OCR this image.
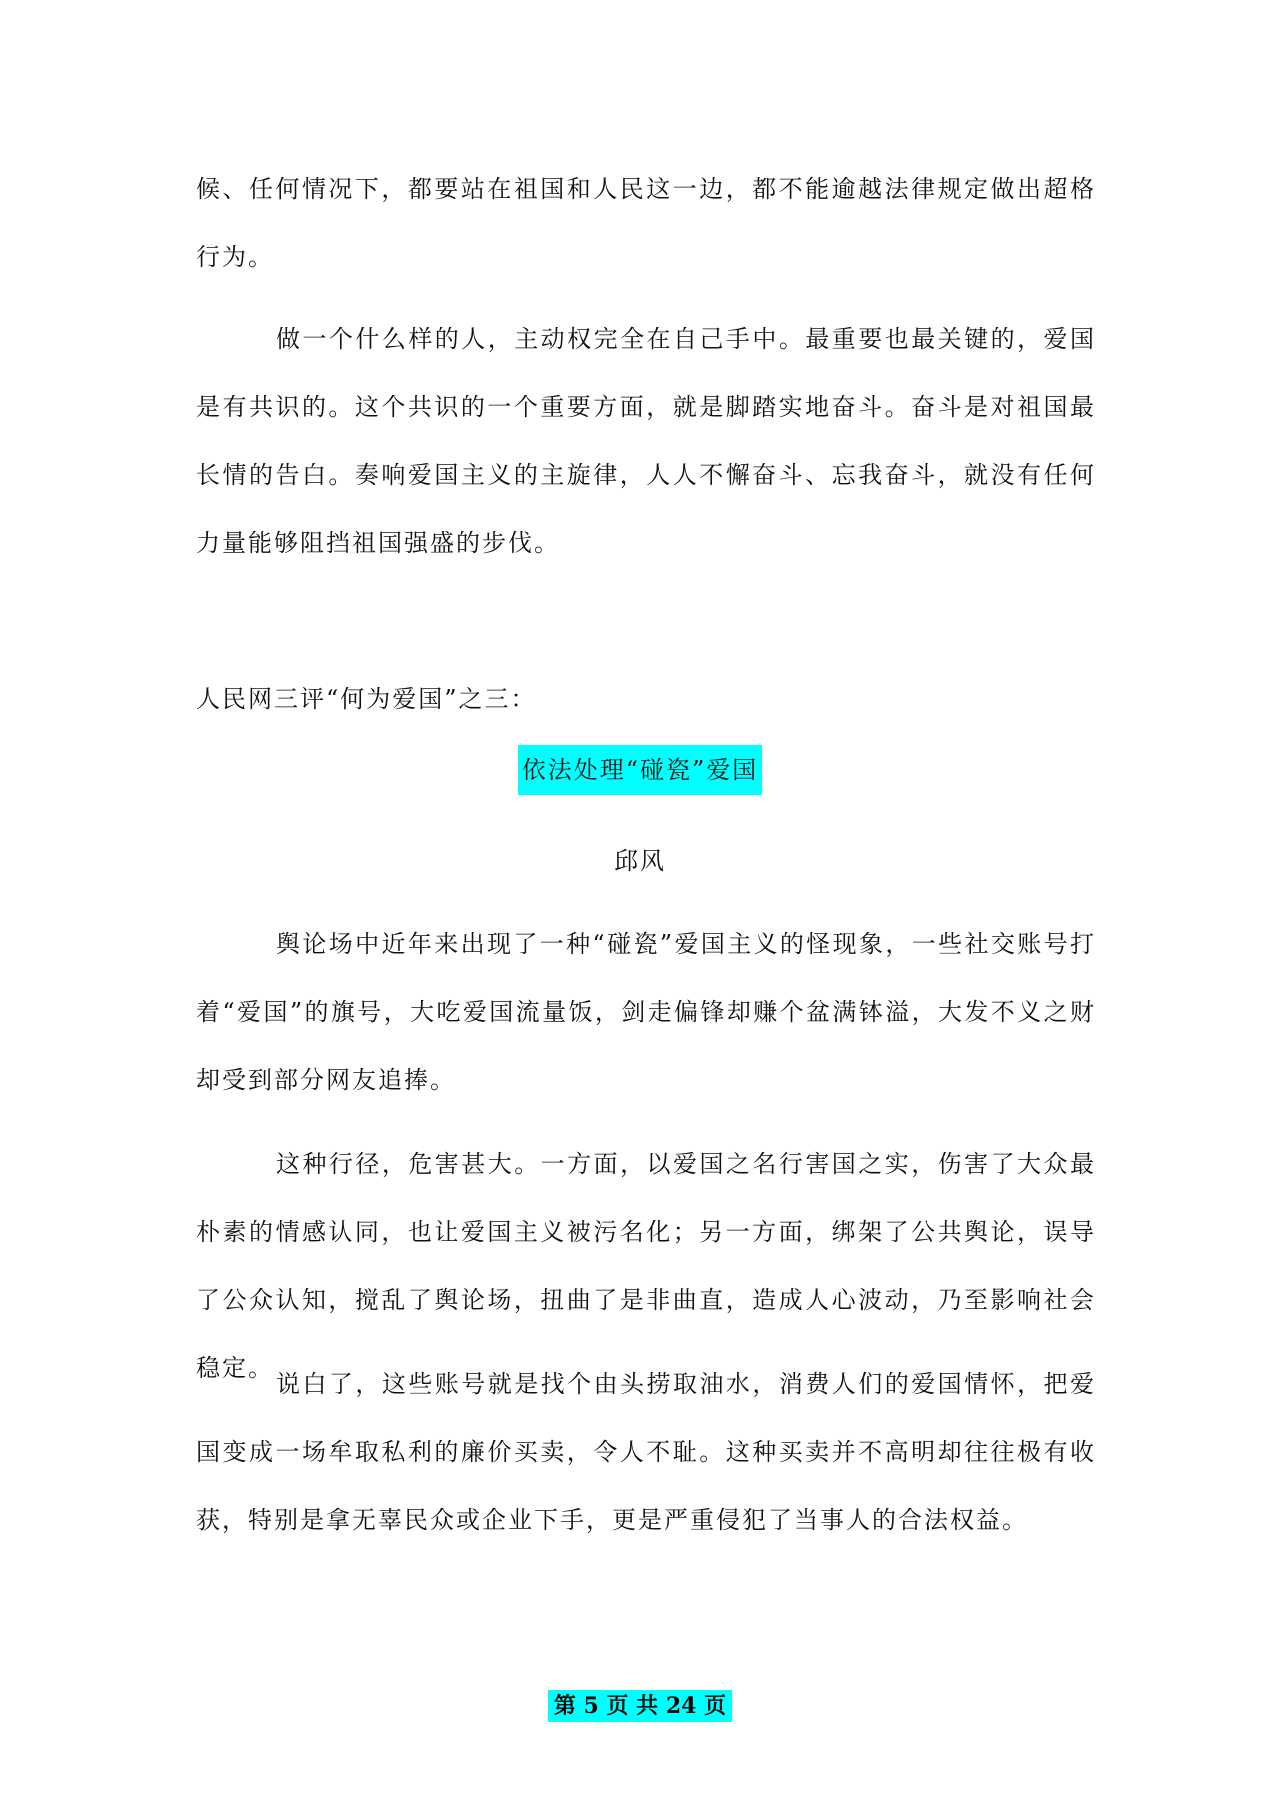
候、任何情况下，都要站在祖国和人民这一边，都不能逾越法律规定做出超格行为。

做一个什么样的人，主动权完全在自己手中。最重要也最关键的，爱国是有共识的。这个共识的一个重要方面，就是脚踏实地奋斗。奋斗是对祖国最长情的告白。奏响爱国主义的主旋律，人人不懈奋斗、忘我奋斗，就没有任何力量能够阻挡祖国强盛的步伐。

人民网三评“何为爱国”之三：

依法处理“碰瓷”爱国
邱风

舆论场中近年来出现了一种“碰瓷”爱国主义的怪现象，一些社交账号打着“爱国”的旗号，大吃爱国流量饭，剑走偏锋却赚个盆满钵溢，大发不义之财却受到部分网友追捧。

这种行径，危害甚大。一方面，以爱国之名行害国之实，伤害了大众最朴素的情感认同，也让爱国主义被污名化；另一方面，绑架了公共舆论，误导了公众认知，搅乱了舆论场，扭曲了是非曲直，造成人心波动，乃至影响社会稳定。

说白了，这些账号就是找个由头捞取油水，消费人们的爱国情怀，把爱国变成一场牟取私利的廉价买卖，令人不耻。这种买卖并不高明却往往极有收获，特别是拿无辜民众或企业下手，更是严重侵犯了当事人的合法权益。

第 5 页 共 24 页
